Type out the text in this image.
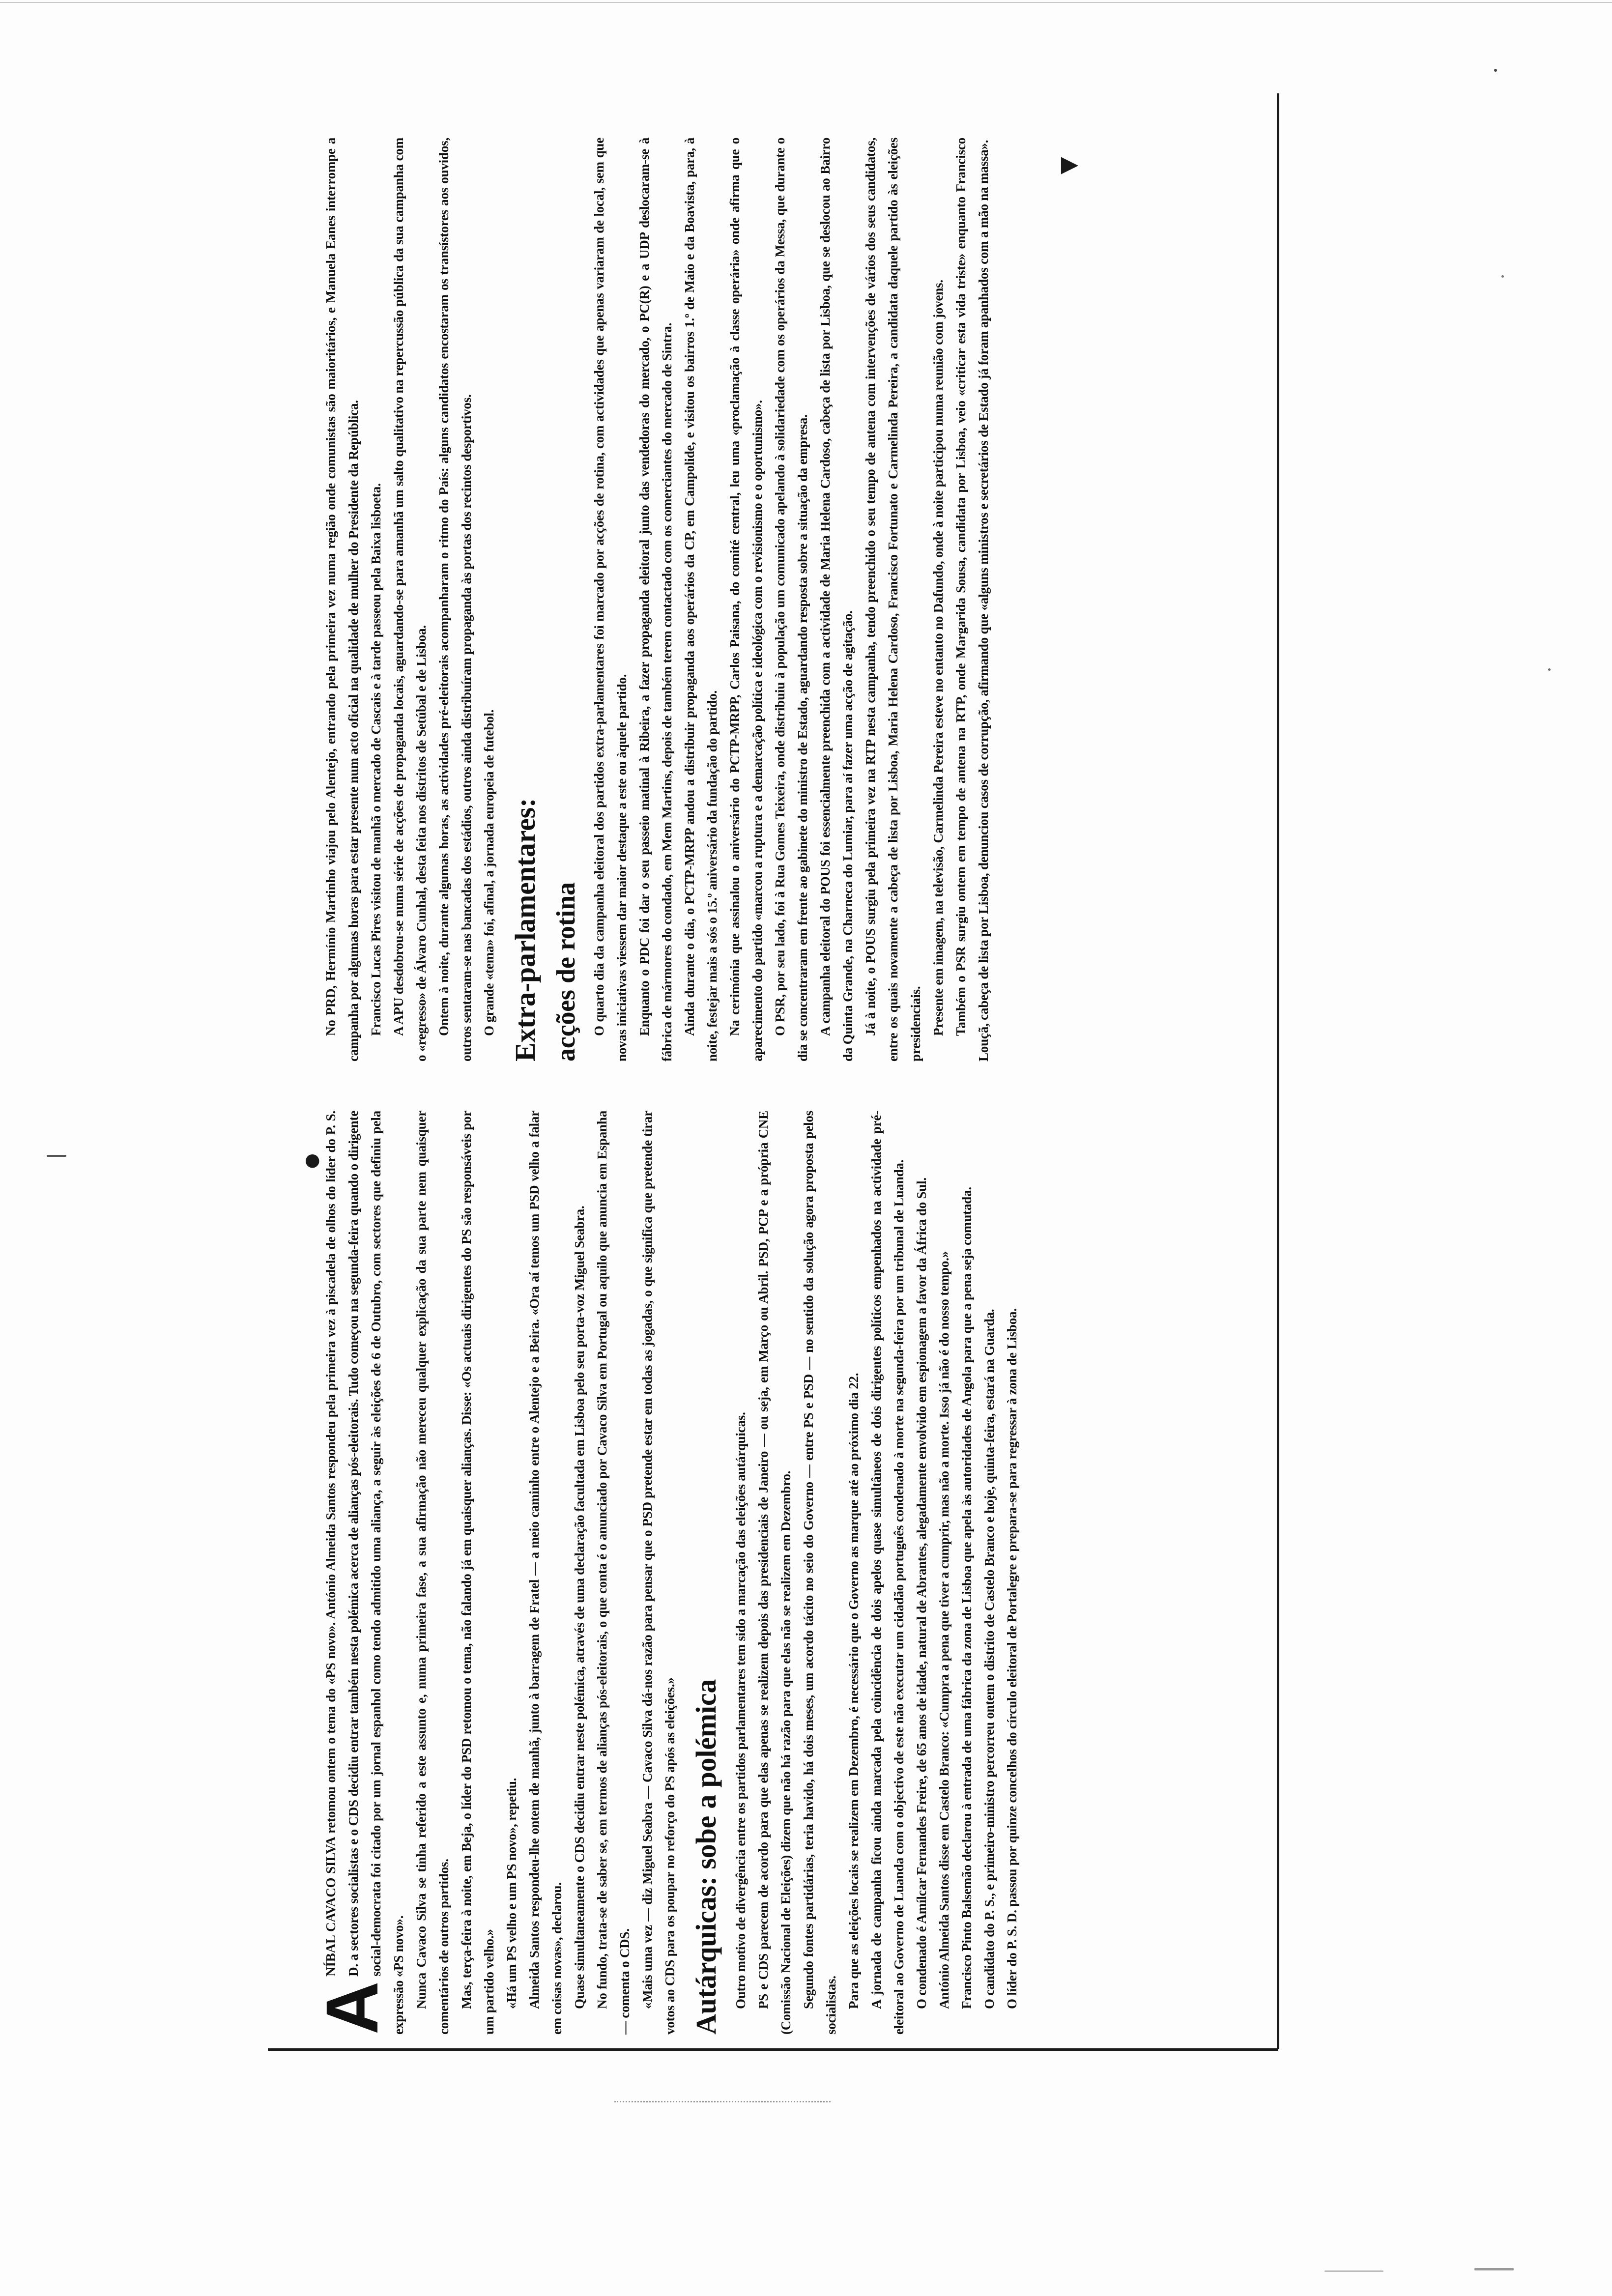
▼
●

A
NÍBAL CAVACO SILVA retomou ontem o tema do «PS novo». António Almeida Santos respondeu pela primeira vez à piscadela de olhos do líder do P. S. D. a sectores socialistas e o CDS decidiu entrar também nesta polémica acerca de alianças pós-eleitorais. Tudo começou na segunda-feira quando o dirigente social-democrata foi citado por um jornal espanhol como tendo admitido uma aliança, a seguir às eleições de 6 de Outubro, com sectores que definiu pela expressão «PS novo». Nunca Cavaco Silva se tinha referido a este assunto e, numa primeira fase, a sua afirmação não mereceu qualquer explicação da sua parte nem quaisquer comentários de outros partidos. Mas, terça-feira à noite, em Beja, o líder do PSD retomou o tema, não falando já em quaisquer alianças. Disse: «Os actuais dirigentes do PS são responsáveis por um partido velho.» «Há um PS velho e um PS novo», repetiu. Almeida Santos respondeu-lhe ontem de manhã, junto à barragem de Fratel — a meio caminho entre o Alentejo e a Beira. «Ora aí temos um PSD velho a falar em coisas novas», declarou. Quase simultaneamente o CDS decidiu entrar neste polémica, através de uma declaração facultada em Lisboa pelo seu porta-voz Miguel Seabra. No fundo, trata-se de saber se, em termos de alianças pós-eleitorais, o que conta é o anunciado por Cavaco Silva em Portugal ou aquilo que anuncia em Espanha — comenta o CDS. «Mais uma vez — diz Miguel Seabra — Cavaco Silva dá-nos razão para pensar que o PSD pretende estar em todas as jogadas, o que significa que pretende tirar votos ao CDS para os poupar no reforço do PS após as eleições.» Autárquicas: sobe a polémica Outro motivo de divergência entre os partidos parlamentares tem sido a marcação das eleições autárquicas. PS e CDS parecem de acordo para que elas apenas se realizem depois das presidenciais de Janeiro — ou seja, em Março ou Abril. PSD, PCP e a própria CNE (Comissão Nacional de Eleições) dizem que não há razão para que elas não se realizem em Dezembro. Segundo fontes partidárias, teria havido, há dois meses, um acordo tácito no seio do Governo — entre PS e PSD — no sentido da solução agora proposta pelos socialistas. Para que as eleições locais se realizem em Dezembro, é necessário que o Governo as marque até ao próximo dia 22. A jornada de campanha ficou ainda marcada pela coincidência de dois apelos quase simultâneos de dois dirigentes políticos empenhados na actividade pré-eleitoral ao Governo de Luanda com o objectivo de este não executar um cidadão português condenado à morte na segunda-feira por um tribunal de Luanda. O condenado é Amílcar Fernandes Freire, de 65 anos de idade, natural de Abrantes, alegadamente envolvido em espionagem a favor da África do Sul. António Almeida Santos disse em Castelo Branco: «Cumpra a pena que tiver a cumprir, mas não a morte. Isso já não é do nosso tempo.» Francisco Pinto Balsemão declarou à entrada de uma fábrica da zona de Lisboa que apela às autoridades de Angola para que a pena seja comutada. O candidato do P. S., e primeiro-ministro percorreu ontem o distrito de Castelo Branco e hoje, quinta-feira, estará na Guarda. O líder do P. S. D. passou por quinze concelhos do círculo eleitoral de Portalegre e prepara-se para regressar à zona de Lisboa.

No PRD, Hermínio Martinho viajou pelo Alentejo, entrando pela primeira vez numa região onde comunistas são maioritários, e Manuela Eanes interrompe a campanha por algumas horas para estar presente num acto oficial na qualidade de mulher do Presidente da República. Francisco Lucas Pires visitou de manhã o mercado de Cascais e à tarde passeou pela Baixa lisboeta. A APU desdobrou-se numa série de acções de propaganda locais, aguardando-se para amanhã um salto qualitativo na repercussão pública da sua campanha com o «regresso» de Álvaro Cunhal, desta feita nos distritos de Setúbal e de Lisboa. Ontem à noite, durante algumas horas, as actividades pré-eleitorais acompanharam o ritmo do País: alguns candidatos encostaram os transístores aos ouvidos, outros sentaram-se nas bancadas dos estádios, outros ainda distribuíram propaganda às portas dos recintos desportivos. O grande «tema» foi, afinal, a jornada europeia de futebol. Extra-parlamentares: acções de rotina O quarto dia da campanha eleitoral dos partidos extra-parlamentares foi marcado por acções de rotina, com actividades que apenas variaram de local, sem que novas iniciativas viessem dar maior destaque a este ou àquele partido. Enquanto o PDC foi dar o seu passeio matinal à Ribeira, a fazer propaganda eleitoral junto das vendedoras do mercado, o PC(R) e a UDP deslocaram-se à fábrica de mármores do condado, em Mem Martins, depois de também terem contactado com os comerciantes do mercado de Sintra. Ainda durante o dia, o PCTP-MRPP andou a distribuir propaganda aos operários da CP, em Campolide, e visitou os bairros 1.º de Maio e da Boavista, para, à noite, festejar mais a sós o 15.º aniversário da fundação do partido. Na cerimónia que assinalou o aniversário do PCTP-MRPP, Carlos Paisana, do comité central, leu uma «proclamação à classe operária» onde afirma que o aparecimento do partido «marcou a ruptura e a demarcação política e ideológica com o revisionismo e o oportunismo». O PSR, por seu lado, foi à Rua Gomes Teixeira, onde distribuiu à população um comunicado apelando à solidariedade com os operários da Messa, que durante o dia se concentraram em frente ao gabinete do ministro de Estado, aguardando resposta sobre a situação da empresa. A campanha eleitoral do POUS foi essencialmente preenchida com a actividade de Maria Helena Cardoso, cabeça de lista por Lisboa, que se deslocou ao Bairro da Quinta Grande, na Charneca do Lumiar, para aí fazer uma acção de agitação. Já à noite, o POUS surgiu pela primeira vez na RTP nesta campanha, tendo preenchido o seu tempo de antena com intervenções de vários dos seus candidatos, entre os quais novamente a cabeça de lista por Lisboa, Maria Helena Cardoso, Francisco Fortunato e Carmelinda Pereira, a candidata daquele partido às eleições presidenciais. Presente em imagem, na televisão, Carmelinda Pereira esteve no entanto no Dafundo, onde à noite participou numa reunião com jovens. Também o PSR surgiu ontem em tempo de antena na RTP, onde Margarida Sousa, candidata por Lisboa, veio «criticar esta vida triste» enquanto Francisco Louçã, cabeça de lista por Lisboa, denunciou casos de corrupção, afirmando que «alguns ministros e secretários de Estado já foram apanhados com a mão na massa».
